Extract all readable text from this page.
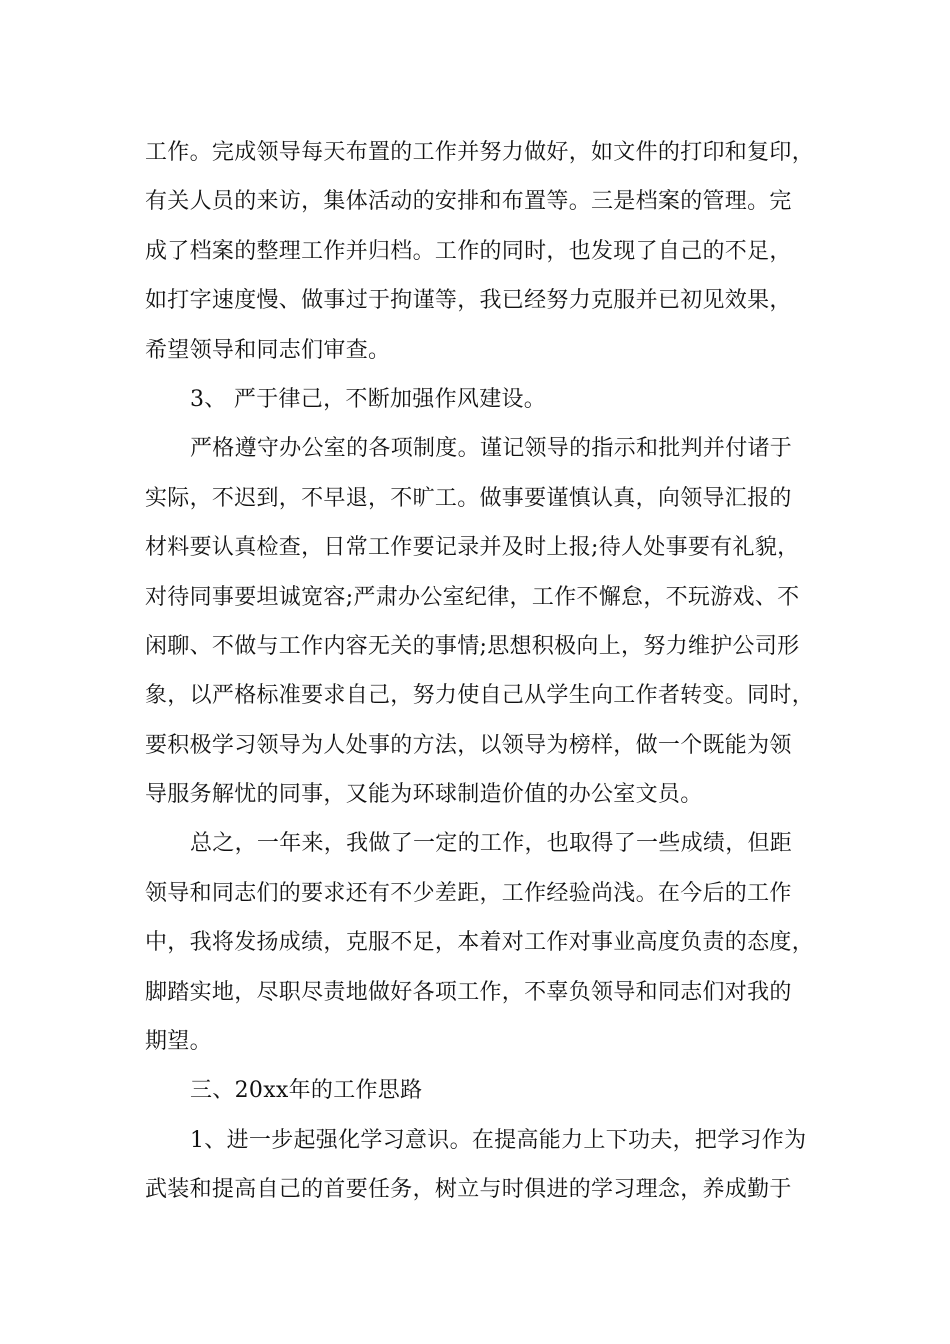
工作。完成领导每天布置的工作并努力做好，如文件的打印和复印，
有关人员的来访，集体活动的安排和布置等。三是档案的管理。完
成了档案的整理工作并归档。工作的同时，也发现了自己的不足，
如打字速度慢、做事过于拘谨等，我已经努力克服并已初见效果，
希望领导和同志们审查。
3、 严于律己，不断加强作风建设。
严格遵守办公室的各项制度。谨记领导的指示和批判并付诸于
实际，不迟到，不早退，不旷工。做事要谨慎认真，向领导汇报的
材料要认真检查，日常工作要记录并及时上报;待人处事要有礼貌，
对待同事要坦诚宽容;严肃办公室纪律，工作不懈怠，不玩游戏、不
闲聊、不做与工作内容无关的事情;思想积极向上，努力维护公司形
象，以严格标准要求自己，努力使自己从学生向工作者转变。同时，
要积极学习领导为人处事的方法，以领导为榜样，做一个既能为领
导服务解忧的同事，又能为环球制造价值的办公室文员。
总之，一年来，我做了一定的工作，也取得了一些成绩，但距
领导和同志们的要求还有不少差距，工作经验尚浅。在今后的工作
中，我将发扬成绩，克服不足，本着对工作对事业高度负责的态度，
脚踏实地，尽职尽责地做好各项工作，不辜负领导和同志们对我的
期望。
三、20xx年的工作思路
1、进一步起强化学习意识。在提高能力上下功夫，把学习作为
武装和提高自己的首要任务，树立与时俱进的学习理念，养成勤于
